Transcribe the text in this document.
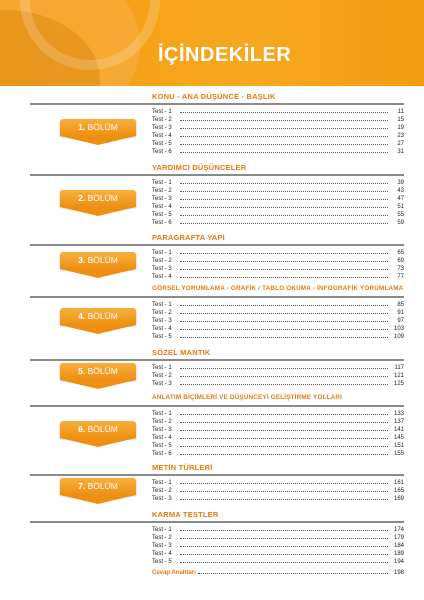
İÇİNDEKİLER
KONU - ANA DÜŞÜNCE - BAŞLIK
1. BÖLÜM
Test - 1	11
Test - 2	15
Test - 3	19
Test - 4	23
Test - 5	27
Test - 6	31
YARDIMCI DÜŞÜNCELER
2. BÖLÜM
Test - 1	39
Test - 2	43
Test - 3	47
Test - 4	51
Test - 5	55
Test - 6	59
PARAGRAFTA YAPI
3. BÖLÜM
Test - 1	65
Test - 2	69
Test - 3	73
Test - 4	77
GÖRSEL YORUMLAMA - GRAFİK / TABLO OKUMA - İNFOGRAFİK YORUMLAMA
4. BÖLÜM
Test - 1	85
Test - 2	91
Test - 3	97
Test - 4	103
Test - 5	109
SÖZEL MANTIK
5. BÖLÜM	Test - 1	117
Test - 2	121
Test - 3	125
ANLATIM BİÇİMLERİ VE DÜŞÜNCEYİ GELİŞTİRME YOLLARI
6. BÖLÜM
Test - 1	133
Test - 2	137
Test - 3	141
Test - 4	145
Test - 5	151
Test - 6	155
METİN TÜRLERİ
7. BÖLÜM	Test - 1	161
Test - 2	165
Test - 3	169
KARMA TESTLER
Test - 1	174
Test - 2	179
Test - 3	184
Test - 4	189
Test - 5	194
Cevap Anahtarı	198
